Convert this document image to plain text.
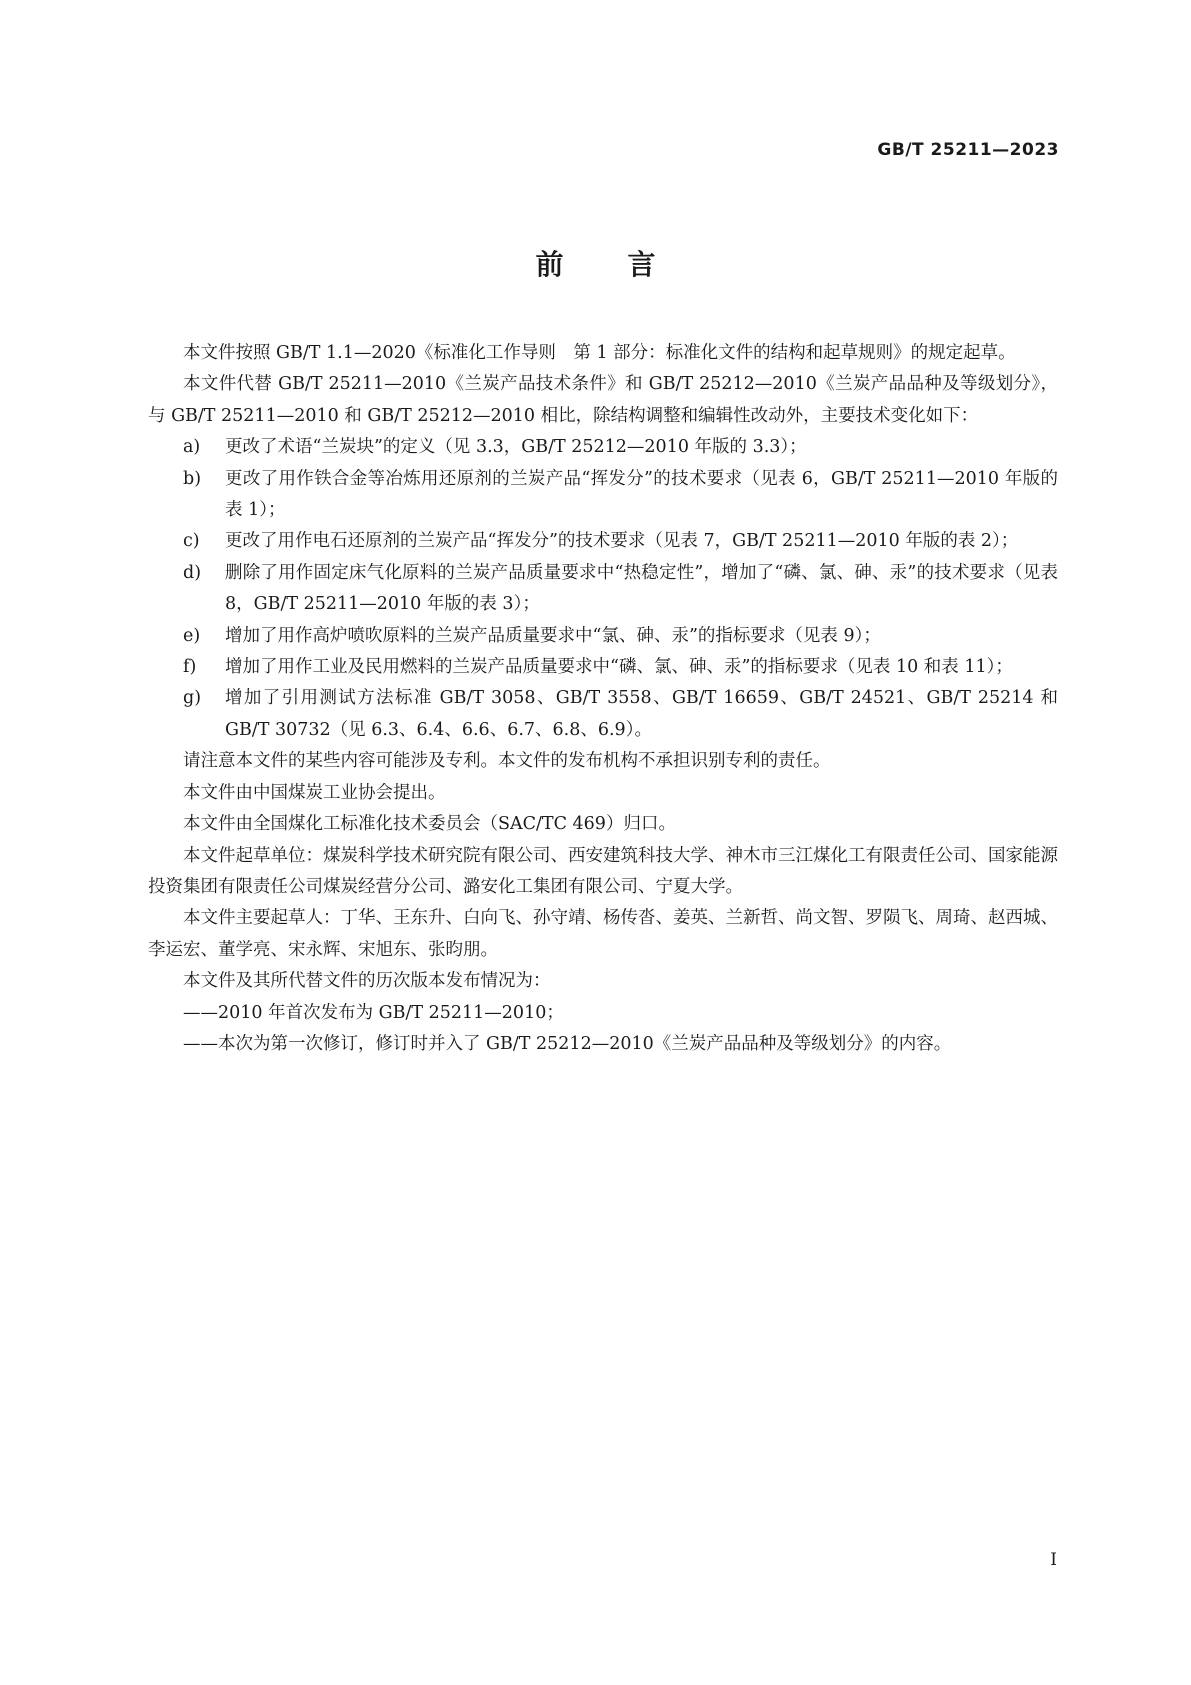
GB/T 25211—2023
前言

本文件按照 GB/T 1.1—2020《标准化工作导则　第 1 部分：标准化文件的结构和起草规则》的规定起草。

本文件代替 GB/T 25211—2010《兰炭产品技术条件》和 GB/T 25212—2010《兰炭产品品种及等级划分》，与 GB/T 25211—2010 和 GB/T 25212—2010 相比，除结构调整和编辑性改动外，主要技术变化如下：

a)	更改了术语“兰炭块”的定义（见 3.3，GB/T 25212—2010 年版的 3.3）；
b)	更改了用作铁合金等冶炼用还原剂的兰炭产品“挥发分”的技术要求（见表 6，GB/T 25211—2010 年版的表 1）；
c)	更改了用作电石还原剂的兰炭产品“挥发分”的技术要求（见表 7，GB/T 25211—2010 年版的表 2）；
d)	删除了用作固定床气化原料的兰炭产品质量要求中“热稳定性”，增加了“磷、氯、砷、汞”的技术要求（见表 8，GB/T 25211—2010 年版的表 3）；
e)	增加了用作高炉喷吹原料的兰炭产品质量要求中“氯、砷、汞”的指标要求（见表 9）；
f)	增加了用作工业及民用燃料的兰炭产品质量要求中“磷、氯、砷、汞”的指标要求（见表 10 和表 11）；
g)	增加了引用测试方法标准 GB/T 3058、GB/T 3558、GB/T 16659、GB/T 24521、GB/T 25214 和 GB/T 30732（见 6.3、6.4、6.6、6.7、6.8、6.9）。

请注意本文件的某些内容可能涉及专利。本文件的发布机构不承担识别专利的责任。

本文件由中国煤炭工业协会提出。

本文件由全国煤化工标准化技术委员会（SAC/TC 469）归口。

本文件起草单位：煤炭科学技术研究院有限公司、西安建筑科技大学、神木市三江煤化工有限责任公司、国家能源投资集团有限责任公司煤炭经营分公司、潞安化工集团有限公司、宁夏大学。

本文件主要起草人：丁华、王东升、白向飞、孙守靖、杨传沓、姜英、兰新哲、尚文智、罗陨飞、周琦、赵西城、李运宏、董学亮、宋永辉、宋旭东、张昀朋。

本文件及其所代替文件的历次版本发布情况为：

——2010 年首次发布为 GB/T 25211—2010；

——本次为第一次修订，修订时并入了 GB/T 25212—2010《兰炭产品品种及等级划分》的内容。

I
